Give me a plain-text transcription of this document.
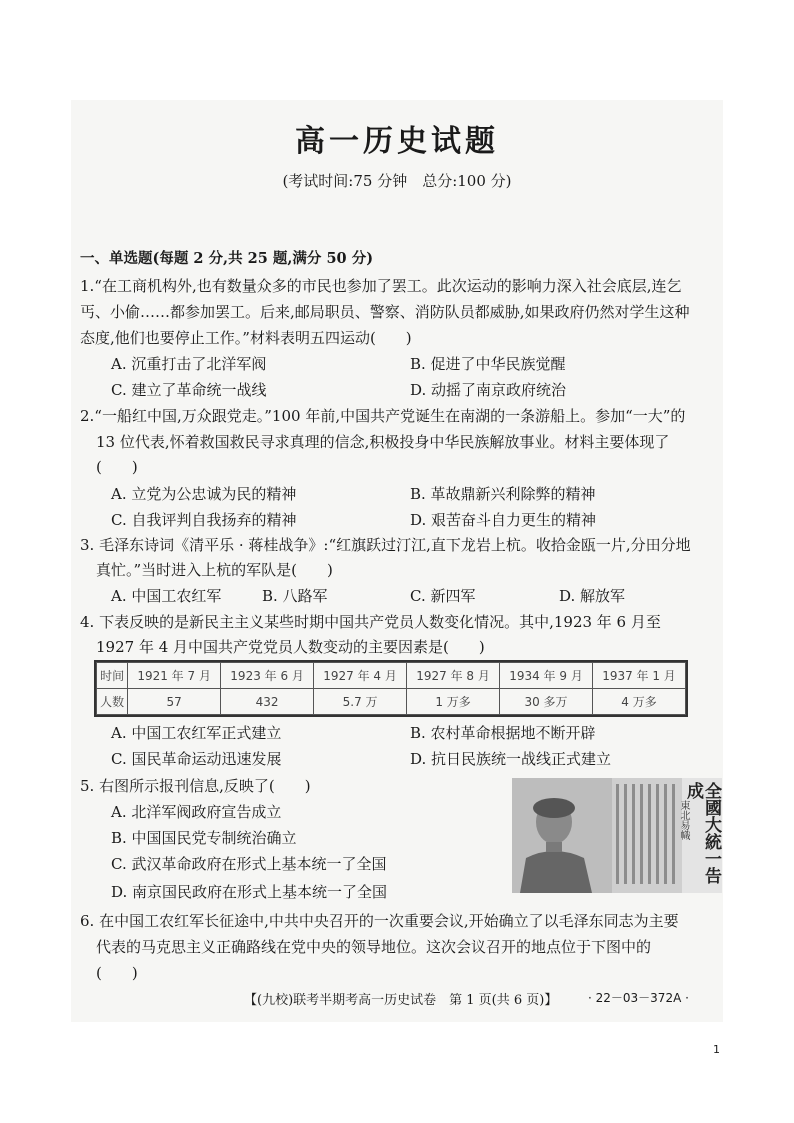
高一历史试题
(考试时间:75 分钟　总分:100 分)
一、单选题(每题 2 分,共 25 题,满分 50 分)
1.“在工商机构外,也有数量众多的市民也参加了罢工。此次运动的影响力深入社会底层,连乞
丐、小偷……都参加罢工。后来,邮局职员、警察、消防队员都威胁,如果政府仍然对学生这种
态度,他们也要停止工作。”材料表明五四运动(　　)
A. 沉重打击了北洋军阀	B. 促进了中华民族觉醒
C. 建立了革命统一战线	D. 动摇了南京政府统治
2.“一船红中国,万众跟党走。”100 年前,中国共产党诞生在南湖的一条游船上。参加“一大”的
13 位代表,怀着救国救民寻求真理的信念,积极投身中华民族解放事业。材料主要体现了
(　　)
A. 立党为公忠诚为民的精神	B. 革故鼎新兴利除弊的精神
C. 自我评判自我扬弃的精神	D. 艰苦奋斗自力更生的精神
3. 毛泽东诗词《清平乐 · 蒋桂战争》:“红旗跃过汀江,直下龙岩上杭。收拾金瓯一片,分田分地
真忙。”当时进入上杭的军队是(　　)
A. 中国工农红军	B. 八路军	C. 新四军	D. 解放军
4. 下表反映的是新民主主义某些时期中国共产党员人数变化情况。其中,1923 年 6 月至
1927 年 4 月中国共产党党员人数变动的主要因素是(　　)
时间	1921 年 7 月	1923 年 6 月	1927 年 4 月	1927 年 8 月	1934 年 9 月	1937 年 1 月
人数	57	432	5.7 万	1 万多	30 多万	4 万多
A. 中国工农红军正式建立	B. 农村革命根据地不断开辟
C. 国民革命运动迅速发展	D. 抗日民族统一战线正式建立
5. 右图所示报刊信息,反映了(　　)
A. 北洋军阀政府宣告成立
B. 中国国民党专制统治确立
C. 武汉革命政府在形式上基本统一了全国
D. 南京国民政府在形式上基本统一了全国
全國大統一告成
東北易幟
6. 在中国工农红军长征途中,中共中央召开的一次重要会议,开始确立了以毛泽东同志为主要
代表的马克思主义正确路线在党中央的领导地位。这次会议召开的地点位于下图中的
(　　)
【(九校)联考半期考高一历史试卷　第 1 页(共 6 页)】	· 22－03－372A ·
1
